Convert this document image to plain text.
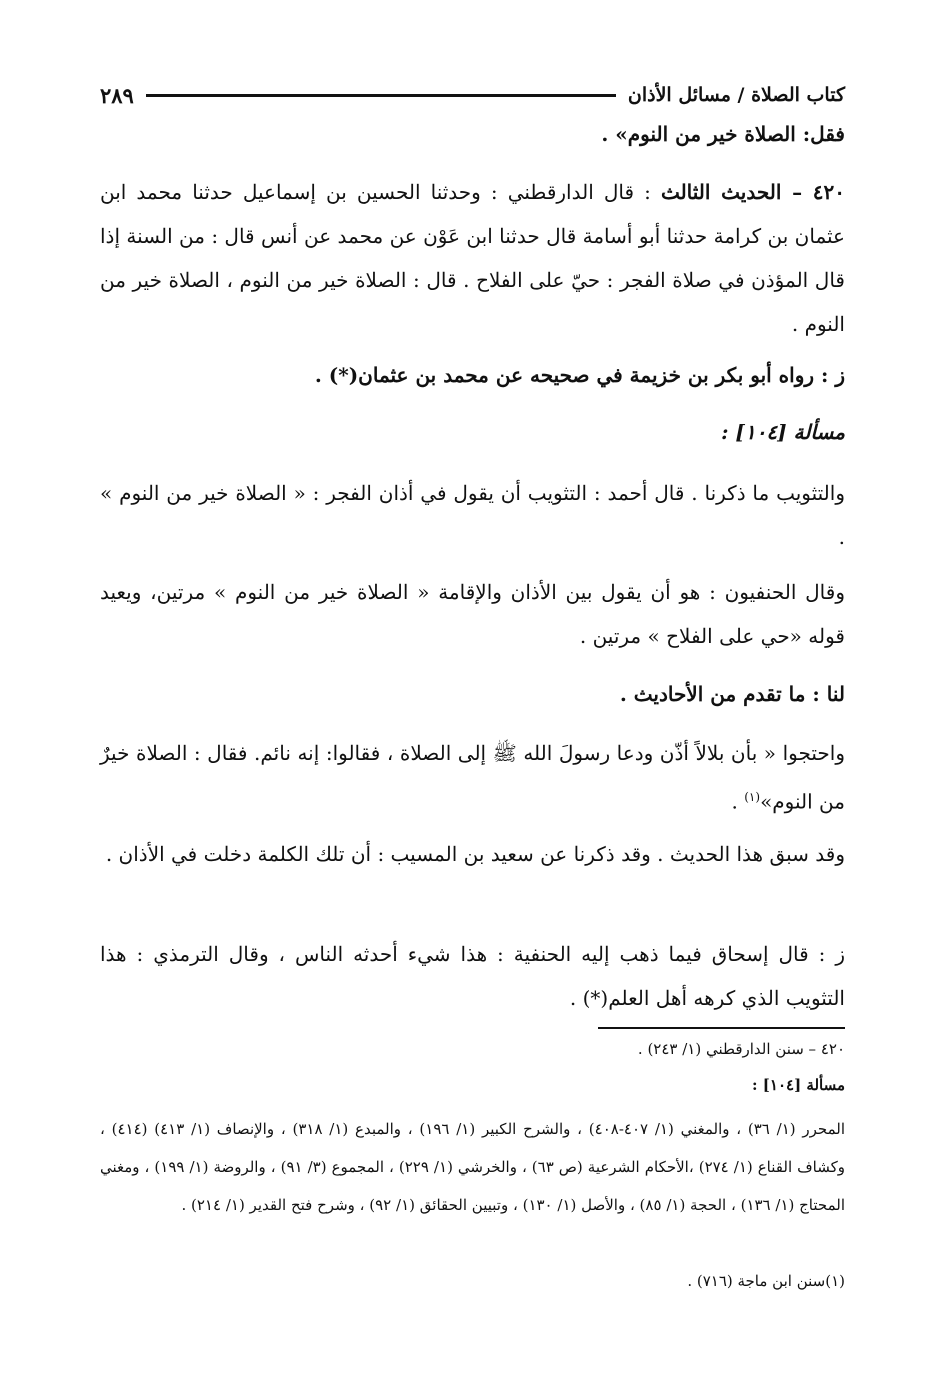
كتاب الصلاة / مسائل الأذان
٢٨٩
فقل: الصلاة خير من النوم» .
٤٢٠ – الحديث الثالث : قال الدارقطني : وحدثنا الحسين بن إسماعيل حدثنا محمد ابن عثمان بن كرامة حدثنا أبو أسامة قال حدثنا ابن عَوْن عن محمد عن أنس قال : من السنة إذا قال المؤذن في صلاة الفجر : حيّ على الفلاح . قال : الصلاة خير من النوم ، الصلاة خير من النوم .
ز : رواه أبو بكر بن خزيمة في صحيحه عن محمد بن عثمان(*) .
مسألة [١٠٤] :
والتثويب ما ذكرنا . قال أحمد : التثويب أن يقول في أذان الفجر : « الصلاة خير من النوم » .
وقال الحنفيون : هو أن يقول بين الأذان والإقامة « الصلاة خير من النوم » مرتين، ويعيد قوله «حي على الفلاح » مرتين .
لنا : ما تقدم من الأحاديث .
واحتجوا « بأن بلالاً أذّن ودعا رسولَ الله ﷺ إلى الصلاة ، فقالوا: إنه نائم. فقال : الصلاة خيرٌ من النوم»$^{(١)}$ .
وقد سبق هذا الحديث . وقد ذكرنا عن سعيد بن المسيب : أن تلك الكلمة دخلت في الأذان .
ز : قال إسحاق فيما ذهب إليه الحنفية : هذا شيء أحدثه الناس ، وقال الترمذي : هذا التثويب الذي كرهه أهل العلم(*) .
٤٢٠ – سنن الدارقطني (١/ ٢٤٣) .
مسألة [١٠٤] :
المحرر (١/ ٣٦) ، والمغني (١/ ٤٠٧-٤٠٨) ، والشرح الكبير (١/ ١٩٦) ، والمبدع (١/ ٣١٨) ، والإنصاف (١/ ٤١٣) (٤١٤) ، وكشاف القناع (١/ ٢٧٤) ،الأحكام الشرعية (ص ٦٣) ، والخرشي (١/ ٢٢٩) ، المجموع (٣/ ٩١) ، والروضة (١/ ١٩٩) ، ومغني المحتاج (١/ ١٣٦) ، الحجة (١/ ٨٥) ، والأصل (١/ ١٣٠) ، وتبيين الحقائق (١/ ٩٢) ، وشرح فتح القدير (١/ ٢١٤) .
(١)سنن ابن ماجة (٧١٦) .
